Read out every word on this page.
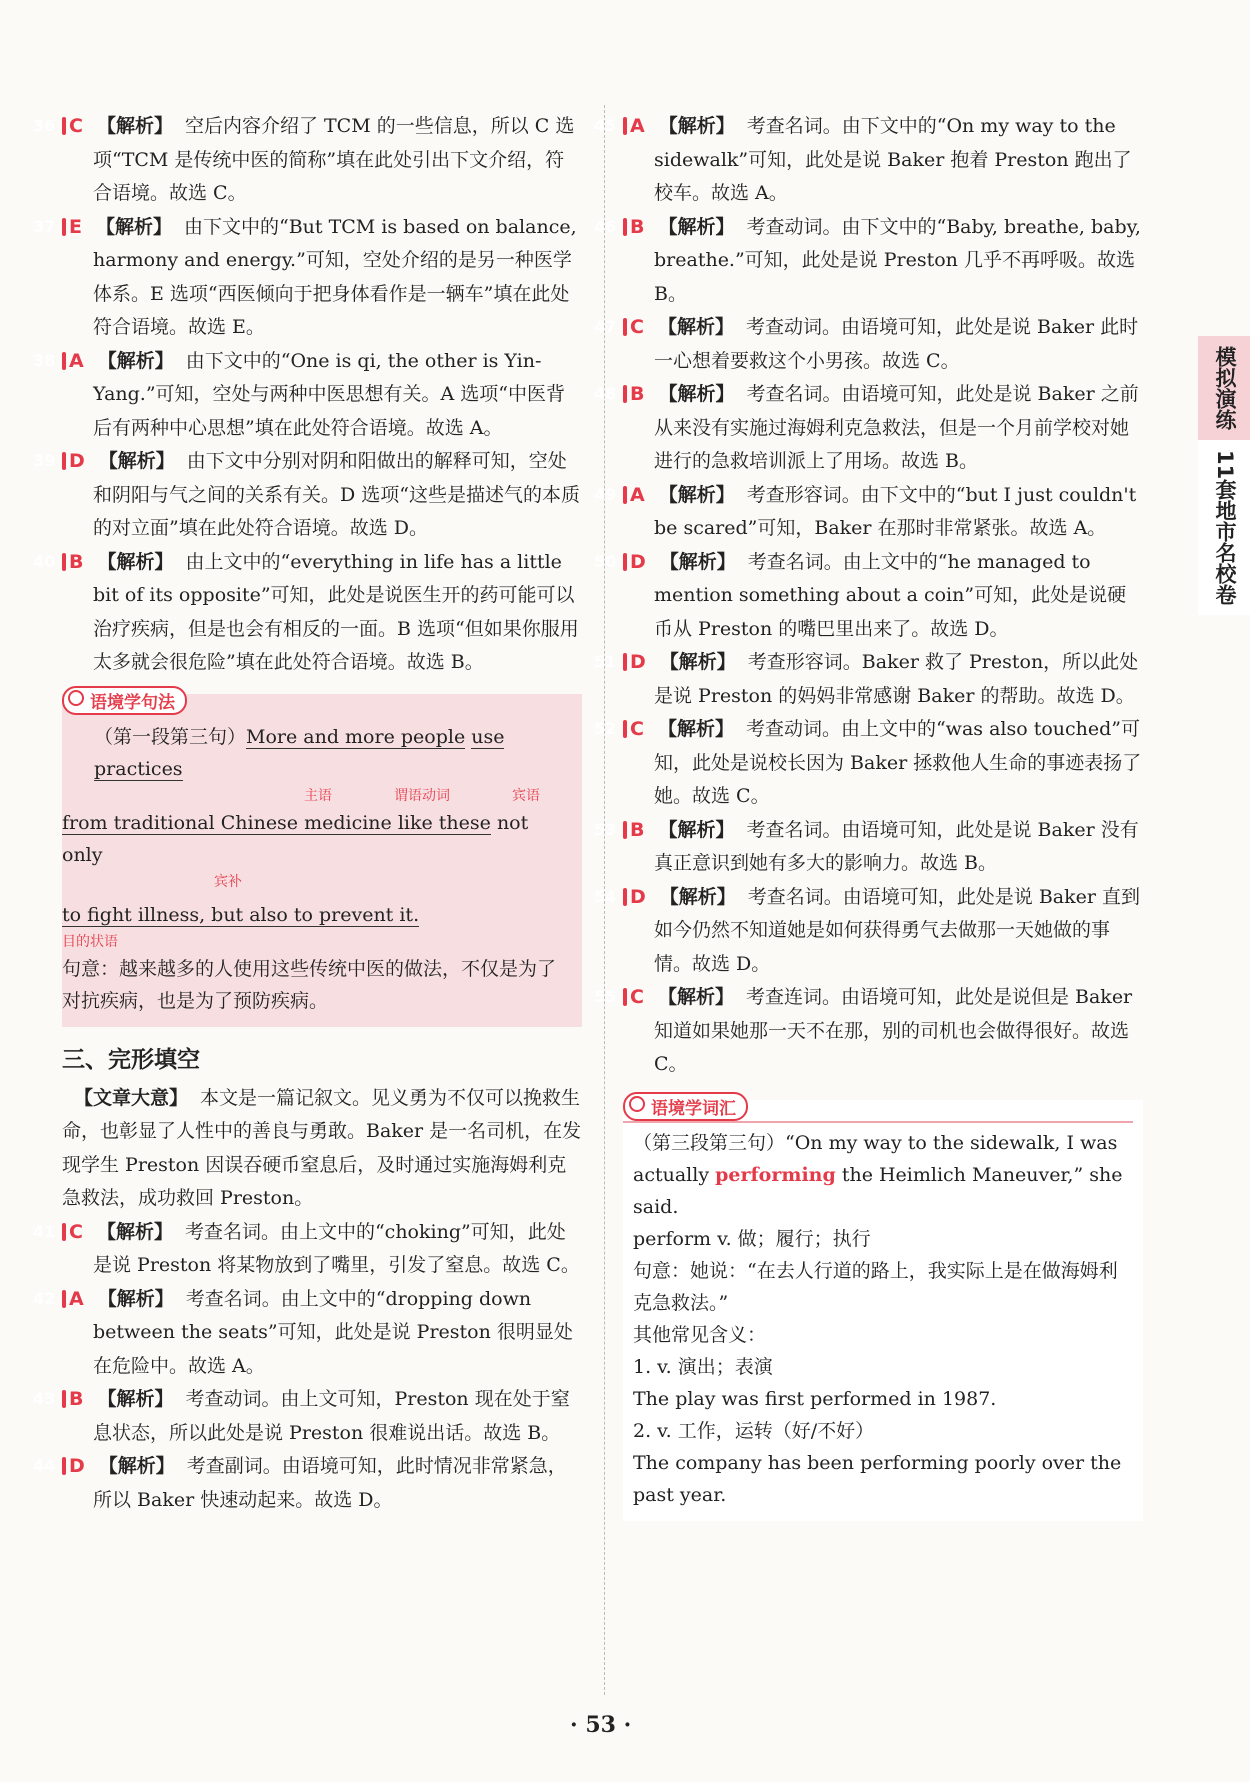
36 C 【解析】 空后内容介绍了 TCM 的一些信息，所以 C 选项“TCM 是传统中医的简称”填在此处引出下文介绍，符合语境。故选 C。
37 E 【解析】 由下文中的“But TCM is based on balance, harmony and energy.”可知，空处介绍的是另一种医学体系。E 选项“西医倾向于把身体看作是一辆车”填在此处符合语境。故选 E。
38 A 【解析】 由下文中的“One is qi, the other is Yin-Yang.”可知，空处与两种中医思想有关。A 选项“中医背后有两种中心思想”填在此处符合语境。故选 A。
39 D 【解析】 由下文中分别对阴和阳做出的解释可知，空处和阴阳与气之间的关系有关。D 选项“这些是描述气的本质的对立面”填在此处符合语境。故选 D。
40 B 【解析】 由上文中的“everything in life has a little bit of its opposite”可知，此处是说医生开的药可能可以治疗疾病，但是也会有相反的一面。B 选项“但如果你服用太多就会很危险”填在此处符合语境。故选 B。
语境学句法
（第一段第三句）More and more people use practices
主语	谓语动词	宾语
from traditional Chinese medicine like these not only
宾补
to fight illness, but also to prevent it.
目的状语
句意：越来越多的人使用这些传统中医的做法，不仅是为了对抗疾病，也是为了预防疾病。
三、完形填空
【文章大意】 本文是一篇记叙文。见义勇为不仅可以挽救生命，也彰显了人性中的善良与勇敢。Baker 是一名司机，在发现学生 Preston 因误吞硬币窒息后，及时通过实施海姆利克急救法，成功救回 Preston。
41 C 【解析】 考查名词。由上文中的“choking”可知，此处是说 Preston 将某物放到了嘴里，引发了窒息。故选 C。
42 A 【解析】 考查名词。由上文中的“dropping down between the seats”可知，此处是说 Preston 很明显处在危险中。故选 A。
43 B 【解析】 考查动词。由上文可知，Preston 现在处于窒息状态，所以此处是说 Preston 很难说出话。故选 B。
44 D 【解析】 考查副词。由语境可知，此时情况非常紧急，所以 Baker 快速动起来。故选 D。
45 A 【解析】 考查名词。由下文中的“On my way to the sidewalk”可知，此处是说 Baker 抱着 Preston 跑出了校车。故选 A。
46 B 【解析】 考查动词。由下文中的“Baby, breathe, baby, breathe.”可知，此处是说 Preston 几乎不再呼吸。故选 B。
47 C 【解析】 考查动词。由语境可知，此处是说 Baker 此时一心想着要救这个小男孩。故选 C。
48 B 【解析】 考查名词。由语境可知，此处是说 Baker 之前从来没有实施过海姆利克急救法，但是一个月前学校对她进行的急救培训派上了用场。故选 B。
49 A 【解析】 考查形容词。由下文中的“but I just couldn't be scared”可知，Baker 在那时非常紧张。故选 A。
50 D 【解析】 考查名词。由上文中的“he managed to mention something about a coin”可知，此处是说硬币从 Preston 的嘴巴里出来了。故选 D。
51 D 【解析】 考查形容词。Baker 救了 Preston，所以此处是说 Preston 的妈妈非常感谢 Baker 的帮助。故选 D。
52 C 【解析】 考查动词。由上文中的“was also touched”可知，此处是说校长因为 Baker 拯救他人生命的事迹表扬了她。故选 C。
53 B 【解析】 考查名词。由语境可知，此处是说 Baker 没有真正意识到她有多大的影响力。故选 B。
54 D 【解析】 考查名词。由语境可知，此处是说 Baker 直到如今仍然不知道她是如何获得勇气去做那一天她做的事情。故选 D。
55 C 【解析】 考查连词。由语境可知，此处是说但是 Baker 知道如果她那一天不在那，别的司机也会做得很好。故选 C。
语境学词汇
（第三段第三句）“On my way to the sidewalk, I was actually performing the Heimlich Maneuver,” she said.
perform v. 做；履行；执行
句意：她说：“在去人行道的路上，我实际上是在做海姆利克急救法。”
其他常见含义：
1. v. 演出；表演
The play was first performed in 1987.
2. v. 工作，运转（好/不好）
The company has been performing poorly over the past year.
模拟演练
11套地市名校卷
· 53 ·
